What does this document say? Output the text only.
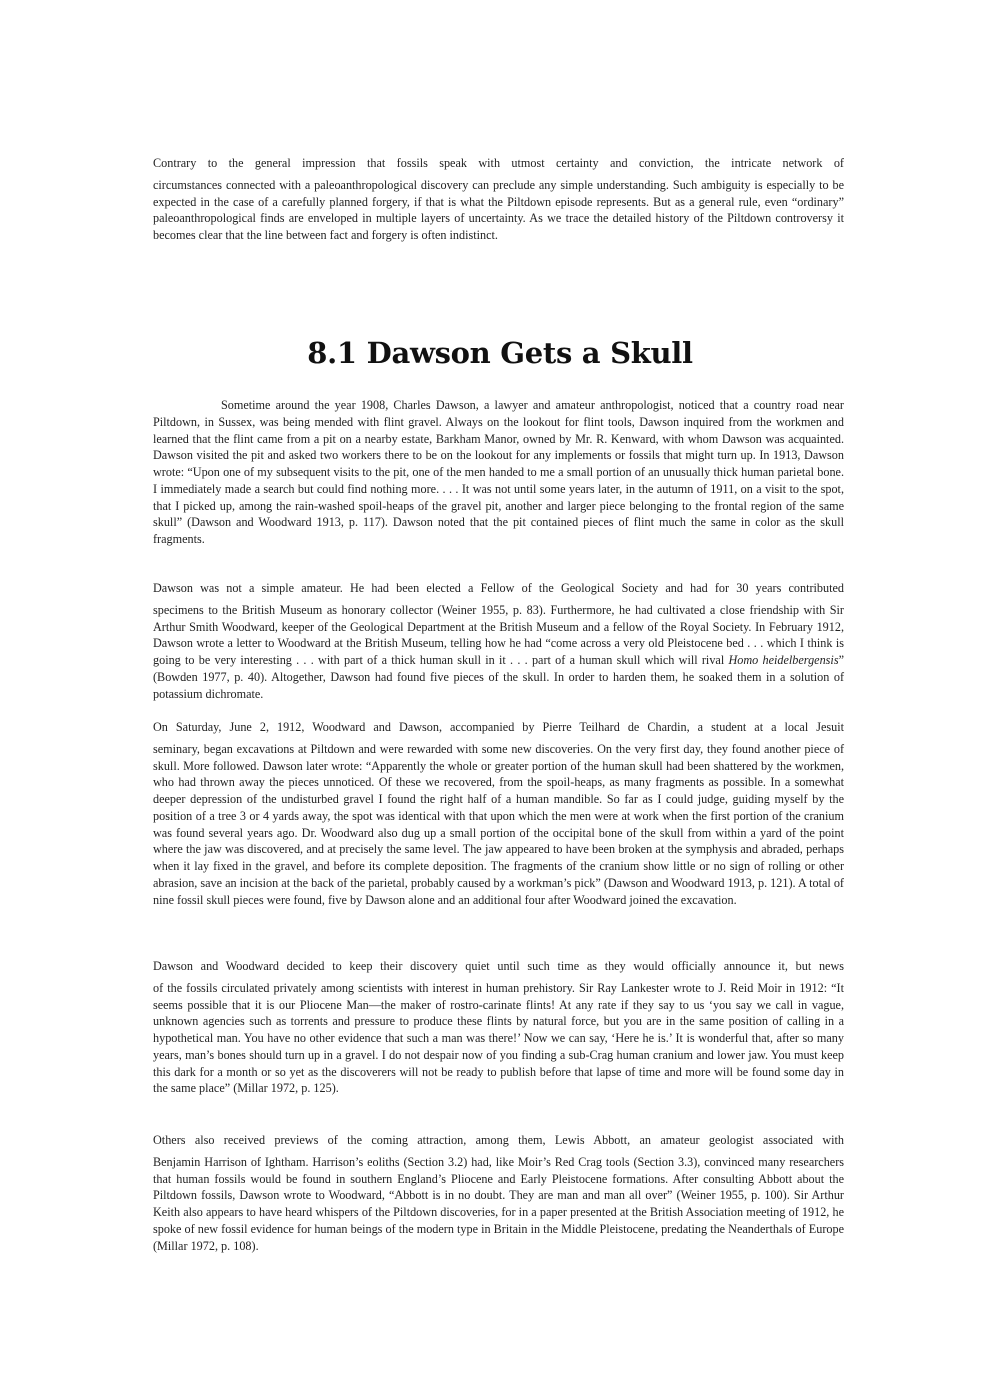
Contrary to the general impression that fossils speak with utmost certainty and conviction, the intricate network of
circumstances connected with a paleoanthropological discovery can preclude any simple understanding. Such ambiguity is especially to be expected in the case of a carefully planned forgery, if that is what the Piltdown episode represents. But as a general rule, even “ordinary” paleoanthropological finds are enveloped in multiple layers of uncertainty. As we trace the detailed history of the Piltdown controversy it becomes clear that the line between fact and forgery is often indistinct.

8.1 Dawson Gets a Skull

Sometime around the year 1908, Charles Dawson, a lawyer and amateur anthropologist, noticed that a country road near Piltdown, in Sussex, was being mended with flint gravel. Always on the lookout for flint tools, Dawson inquired from the workmen and learned that the flint came from a pit on a nearby estate, Barkham Manor, owned by Mr. R. Kenward, with whom Dawson was acquainted. Dawson visited the pit and asked two workers there to be on the lookout for any implements or fossils that might turn up. In 1913, Dawson wrote: “Upon one of my subsequent visits to the pit, one of the men handed to me a small portion of an unusually thick human parietal bone. I immediately made a search but could find nothing more. . . . It was not until some years later, in the autumn of 1911, on a visit to the spot, that I picked up, among the rain-washed spoil-heaps of the gravel pit, another and larger piece belonging to the frontal region of the same skull” (Dawson and Woodward 1913, p. 117). Dawson noted that the pit contained pieces of flint much the same in color as the skull fragments.

Dawson was not a simple amateur. He had been elected a Fellow of the Geological Society and had for 30 years contributed
specimens to the British Museum as honorary collector (Weiner 1955, p. 83). Furthermore, he had cultivated a close friendship with Sir Arthur Smith Woodward, keeper of the Geological Department at the British Museum and a fellow of the Royal Society. In February 1912, Dawson wrote a letter to Woodward at the British Museum, telling how he had “come across a very old Pleistocene bed . . . which I think is going to be very interesting . . . with part of a thick human skull in it . . . part of a human skull which will rival Homo heidelbergensis” (Bowden 1977, p. 40). Altogether, Dawson had found five pieces of the skull. In order to harden them, he soaked them in a solution of potassium dichromate.

On Saturday, June 2, 1912, Woodward and Dawson, accompanied by Pierre Teilhard de Chardin, a student at a local Jesuit
seminary, began excavations at Piltdown and were rewarded with some new discoveries. On the very first day, they found another piece of skull. More followed. Dawson later wrote: “Apparently the whole or greater portion of the human skull had been shattered by the workmen, who had thrown away the pieces unnoticed. Of these we recovered, from the spoil-heaps, as many fragments as possible. In a somewhat deeper depression of the undisturbed gravel I found the right half of a human mandible. So far as I could judge, guiding myself by the position of a tree 3 or 4 yards away, the spot was identical with that upon which the men were at work when the first portion of the cranium was found several years ago. Dr. Woodward also dug up a small portion of the occipital bone of the skull from within a yard of the point where the jaw was discovered, and at precisely the same level. The jaw appeared to have been broken at the symphysis and abraded, perhaps when it lay fixed in the gravel, and before its complete deposition. The fragments of the cranium show little or no sign of rolling or other abrasion, save an incision at the back of the parietal, probably caused by a workman’s pick” (Dawson and Woodward 1913, p. 121). A total of nine fossil skull pieces were found, five by Dawson alone and an additional four after Woodward joined the excavation.

Dawson and Woodward decided to keep their discovery quiet until such time as they would officially announce it, but news
of the fossils circulated privately among scientists with interest in human prehistory. Sir Ray Lankester wrote to J. Reid Moir in 1912: “It seems possible that it is our Pliocene Man—the maker of rostro-carinate flints! At any rate if they say to us ‘you say we call in vague, unknown agencies such as torrents and pressure to produce these flints by natural force, but you are in the same position of calling in a hypothetical man. You have no other evidence that such a man was there!’ Now we can say, ‘Here he is.’ It is wonderful that, after so many years, man’s bones should turn up in a gravel. I do not despair now of you finding a sub-Crag human cranium and lower jaw. You must keep this dark for a month or so yet as the discoverers will not be ready to publish before that lapse of time and more will be found some day in the same place” (Millar 1972, p. 125).

Others also received previews of the coming attraction, among them, Lewis Abbott, an amateur geologist associated with
Benjamin Harrison of Ightham. Harrison’s eoliths (Section 3.2) had, like Moir’s Red Crag tools (Section 3.3), convinced many researchers that human fossils would be found in southern England’s Pliocene and Early Pleistocene formations. After consulting Abbott about the Piltdown fossils, Dawson wrote to Woodward, “Abbott is in no doubt. They are man and man all over” (Weiner 1955, p. 100). Sir Arthur Keith also appears to have heard whispers of the Piltdown discoveries, for in a paper presented at the British Association meeting of 1912, he spoke of new fossil evidence for human beings of the modern type in Britain in the Middle Pleistocene, predating the Neanderthals of Europe (Millar 1972, p. 108).
